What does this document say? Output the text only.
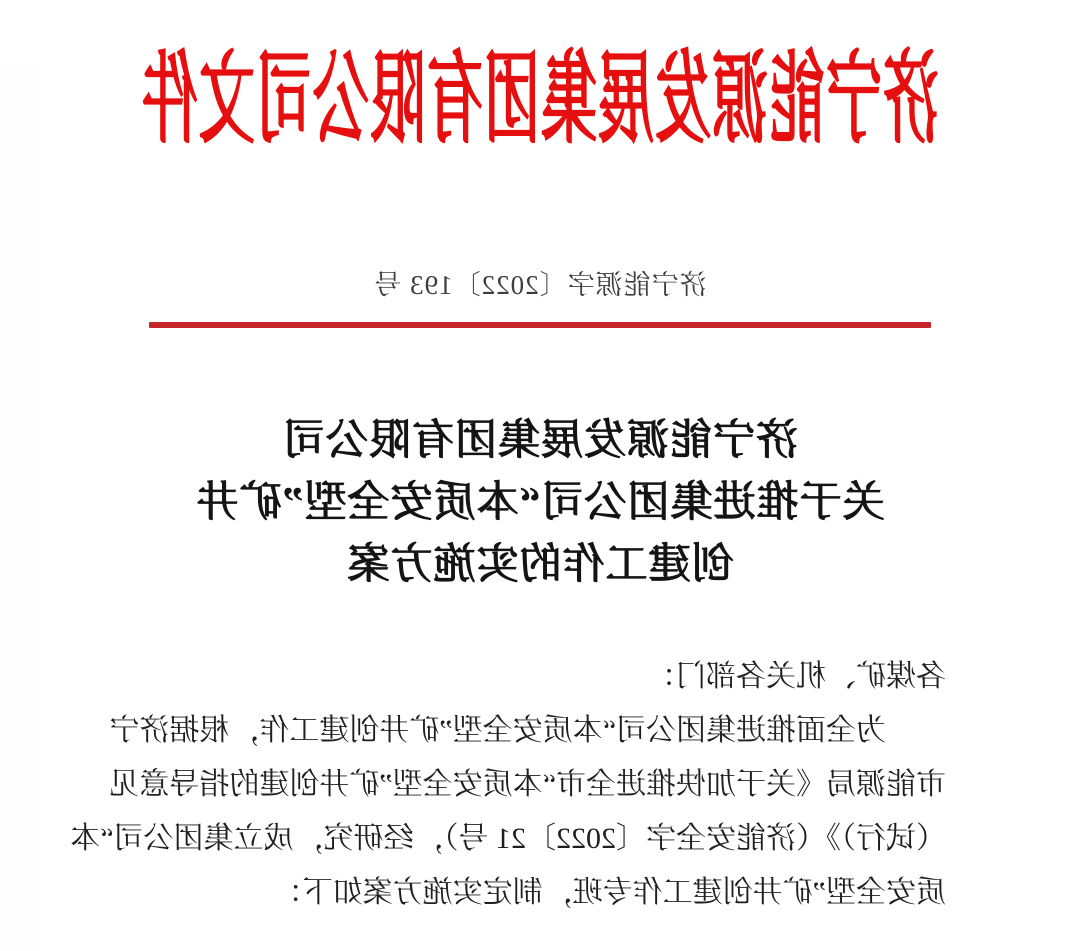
济宁能源发展集团有限公司文件
济宁能源字〔2022〕193 号
济宁能源发展集团有限公司
关于推进集团公司“本质安全型”矿井
创建工作的实施方案
各煤矿、机关各部门：
为全面推进集团公司“本质安全型”矿井创建工作，根据济宁
市能源局《关于加快推进全市“本质安全型”矿井创建的指导意见
（试行）》（济能安全字〔2022〕21 号），经研究，成立集团公司“本
质安全型”矿井创建工作专班，制定实施方案如下：
